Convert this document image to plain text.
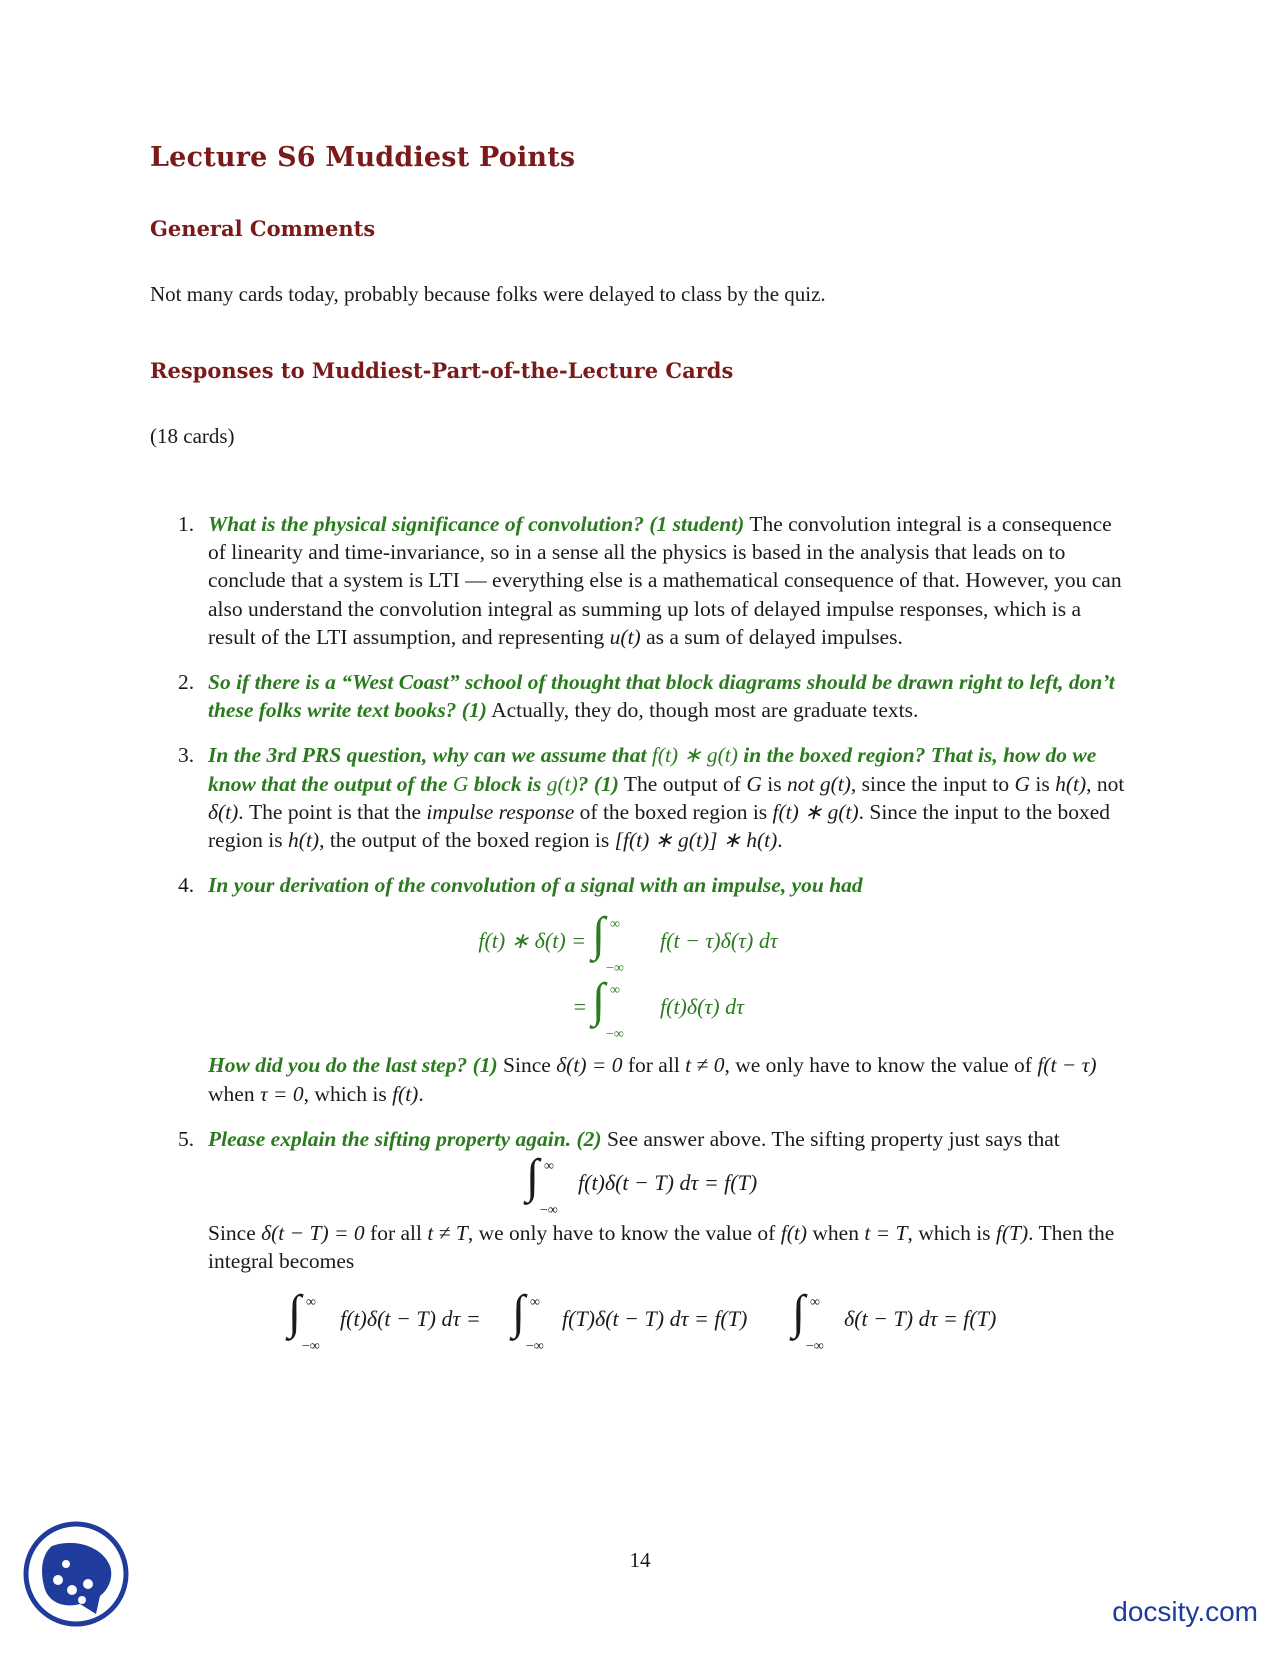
Lecture S6 Muddiest Points
General Comments

Not many cards today, probably because folks were delayed to class by the quiz.

Responses to Muddiest-Part-of-the-Lecture Cards

(18 cards)

1. What is the physical significance of convolution? (1 student) The convolution integral is a consequence of linearity and time-invariance, so in a sense all the physics is based in the analysis that leads on to conclude that a system is LTI — everything else is a mathematical consequence of that. However, you can also understand the convolution integral as summing up lots of delayed impulse responses, which is a result of the LTI assumption, and representing u(t) as a sum of delayed impulses.
2. So if there is a “West Coast” school of thought that block diagrams should be drawn right to left, don’t these folks write text books? (1) Actually, they do, though most are graduate texts.
3. In the 3rd PRS question, why can we assume that f(t) ∗ g(t) in the boxed region? That is, how do we know that the output of the G block is g(t)? (1) The output of G is not g(t), since the input to G is h(t), not δ(t). The point is that the impulse response of the boxed region is f(t) ∗ g(t). Since the input to the boxed region is h(t), the output of the boxed region is [f(t) ∗ g(t)] ∗ h(t).
4. In your derivation of the convolution of a signal with an impulse, you had
f(t) ∗ δ(t) = ∫ ∞
−∞
f(t − τ)δ(τ) dτ
= ∫ ∞
−∞
f(t)δ(τ) dτ
How did you do the last step? (1) Since δ(t) = 0 for all t ≠ 0, we only have to know the value of f(t − τ) when τ = 0, which is f(t).
5. Please explain the sifting property again. (2) See answer above. The sifting property just says that
∫ ∞
−∞
f(t)δ(t − T) dτ = f(T)
Since δ(t − T) = 0 for all t ≠ T, we only have to know the value of f(t) when t = T, which is f(T). Then the integral becomes
∫ ∞
−∞
f(t)δ(t − T) dτ = ∫ ∞
−∞
f(T)δ(t − T) dτ = f(T) ∫ ∞
−∞
δ(t − T) dτ = f(T)
14
docsity.com
